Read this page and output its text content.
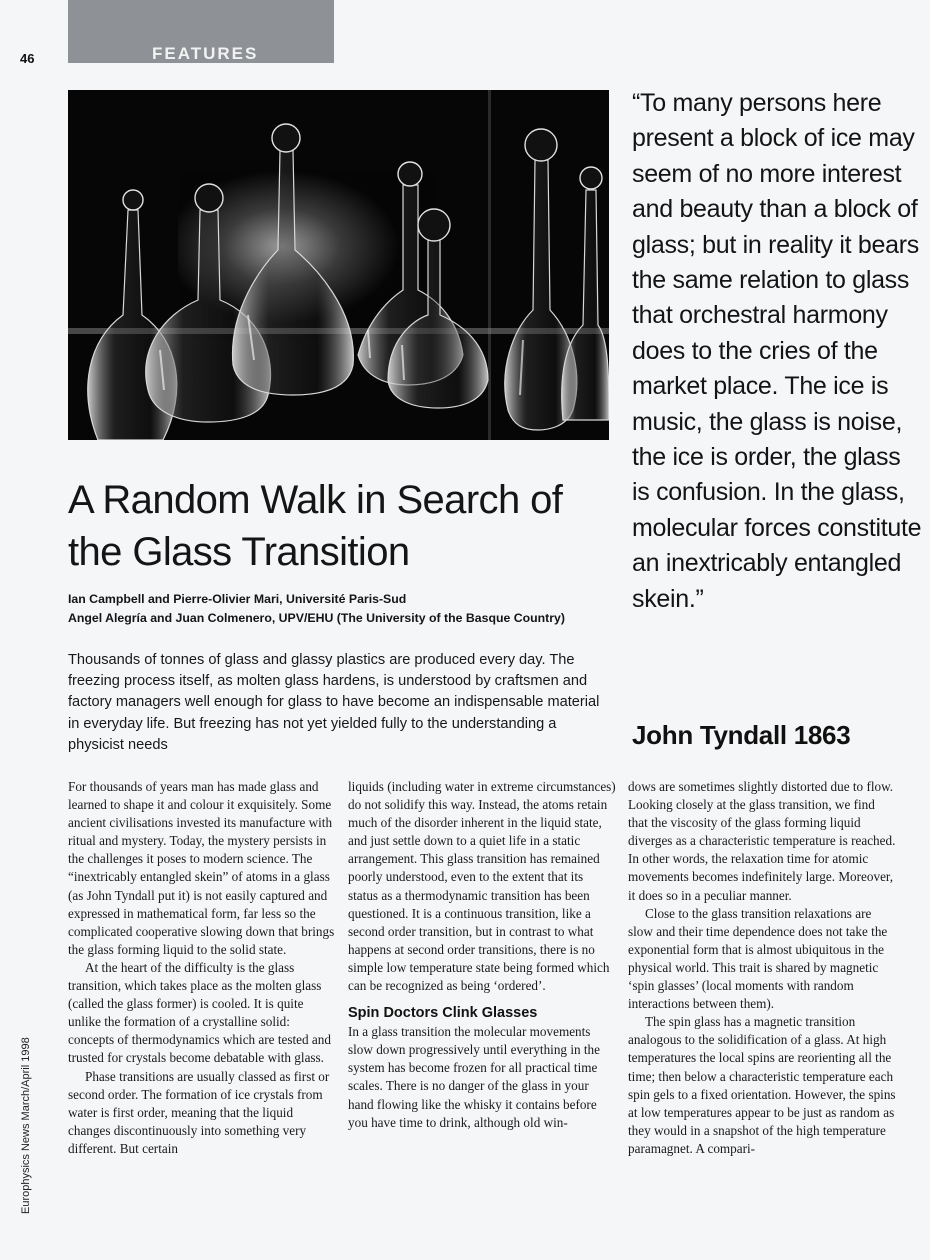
46	FEATURES
“To many persons here present a block of ice may seem of no more interest and beauty than a block of glass; but in reality it bears the same relation to glass that orchestral harmony does to the cries of the market place. The ice is music, the glass is noise, the ice is order, the glass is confusion. In the glass, molecular forces constitute an inextricably entangled skein.”
John Tyndall 1863
A Random Walk in Search of the Glass Transition
Ian Campbell and Pierre-Olivier Mari, Université Paris-Sud
Angel Alegría and Juan Colmenero, UPV/EHU (The University of the Basque Country)
Thousands of tonnes of glass and glassy plastics are produced every day. The freezing process itself, as molten glass hardens, is understood by craftsmen and factory managers well enough for glass to have become an indispensable material in everyday life. But freezing has not yet yielded fully to the understanding a physicist needs

For thousands of years man has made glass and learned to shape it and colour it exquisitely. Some ancient civilisations invested its manufacture with ritual and mystery. Today, the mystery persists in the challenges it poses to modern science. The “inextricably entangled skein” of atoms in a glass (as John Tyndall put it) is not easily captured and expressed in mathematical form, far less so the complicated cooperative slowing down that brings the glass forming liquid to the solid state.

At the heart of the difficulty is the glass transition, which takes place as the molten glass (called the glass former) is cooled. It is quite unlike the formation of a crystalline solid: concepts of thermodynamics which are tested and trusted for crystals become debatable with glass.

Phase transitions are usually classed as first or second order. The formation of ice crystals from water is first order, meaning that the liquid changes discontinuously into something very different. But certain

liquids (including water in extreme circumstances) do not solidify this way. Instead, the atoms retain much of the disorder inherent in the liquid state, and just settle down to a quiet life in a static arrangement. This glass transition has remained poorly understood, even to the extent that its status as a thermodynamic transition has been questioned. It is a continuous transition, like a second order transition, but in contrast to what happens at second order transitions, there is no simple low temperature state being formed which can be recognized as being ‘ordered’.

Spin Doctors Clink Glasses

In a glass transition the molecular movements slow down progressively until everything in the system has become frozen for all practical time scales. There is no danger of the glass in your hand flowing like the whisky it contains before you have time to drink, although old win-

dows are sometimes slightly distorted due to flow. Looking closely at the glass transition, we find that the viscosity of the glass forming liquid diverges as a characteristic temperature is reached. In other words, the relaxation time for atomic movements becomes indefinitely large. Moreover, it does so in a peculiar manner.

Close to the glass transition relaxations are slow and their time dependence does not take the exponential form that is almost ubiquitous in the physical world. This trait is shared by magnetic ‘spin glasses’ (local moments with random interactions between them).

The spin glass has a magnetic transition analogous to the solidification of a glass. At high temperatures the local spins are reorienting all the time; then below a characteristic temperature each spin gels to a fixed orientation. However, the spins at low temperatures appear to be just as random as they would in a snapshot of the high temperature paramagnet. A compari-

Europhysics News March/April 1998
